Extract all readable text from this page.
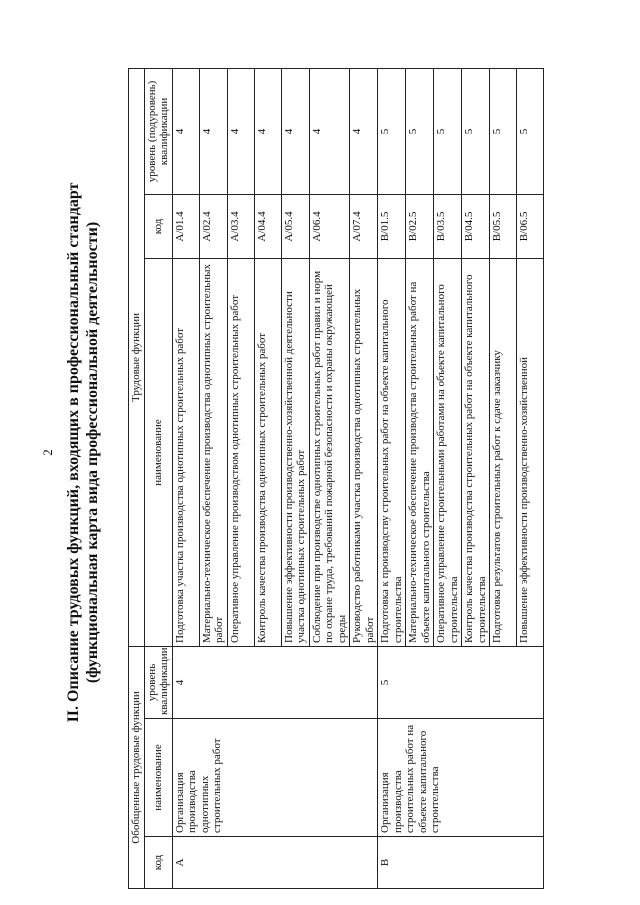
2 II. Описание трудовых функций, входящих в профессиональный стандарт (функциональная карта вида профессиональной деятельности)
Обобщенные трудовые функции			Трудовые функции		
код	наименование	уровень квалификации	наименование	код	уровень (подуровень) квалификации
A	Организация производства однотипных строительных работ	4	Подготовка участка производства однотипных строительных работ	A/01.4	4
			Материально-техническое обеспечение производства однотипных строительных работ	A/02.4	4
			Оперативное управление производством однотипных строительных работ	A/03.4	4
			Контроль качества производства однотипных строительных работ	A/04.4	4
			Повышение эффективности производственно-хозяйственной деятельности участка однотипных строительных работ	A/05.4	4
			Соблюдение при производстве однотипных строительных работ правил и норм по охране труда, требований пожарной безопасности и охраны окружающей среды	A/06.4	4
			Руководство работниками участка производства однотипных строительных работ	A/07.4	4
B	Организация производства строительных работ на объекте капитального строительства	5	Подготовка к производству строительных работ на объекте капитального строительства	B/01.5	5
			Материально-техническое обеспечение производства строительных работ на объекте капитального строительства	B/02.5	5
			Оперативное управление строительными работами на объекте капитального строительства	B/03.5	5
			Контроль качества производства строительных работ на объекте капитального строительства	B/04.5	5
			Подготовка результатов строительных работ к сдаче заказчику	B/05.5	5
			Повышение эффективности производственно-хозяйственной	B/06.5	5
